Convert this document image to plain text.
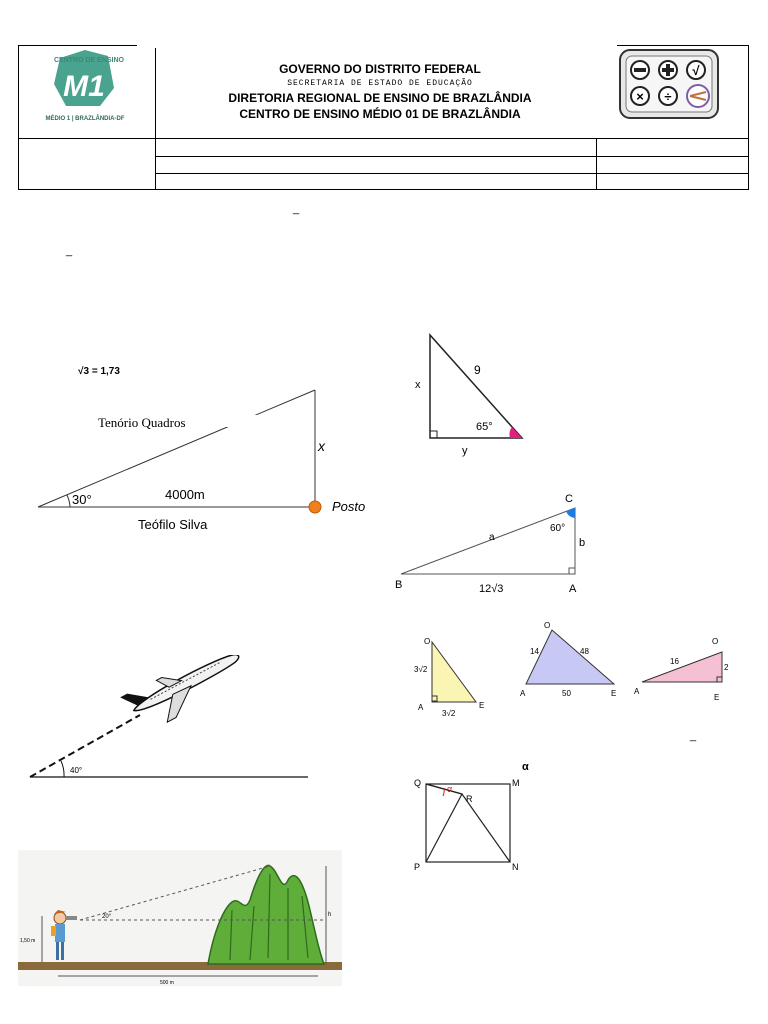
M1
CENTRO DE ENSINO
MÉDIO 1 | BRAZLÂNDIA-DF
GOVERNO DO DISTRITO FEDERAL
SECRETARIA DE ESTADO DE EDUCAÇÃO
DIRETORIA REGIONAL DE ENSINO DE BRAZLÂNDIA
CENTRO DE ENSINO MÉDIO 01 DE BRAZLÂNDIA
√
× ÷
_
_
_
√3 = 1,73
Tenório Quadros
30°	4000m
x
Posto
Teófilo Silva
x
9
65°
y
C
60°
a	b
B	12√3	A
O
3√2
A
3√2
E
O
14	48
A	50	E
O
16
2
A
E
40°	α
Q	M
P	N
R
α
h
20°
1,50 m
500 m
